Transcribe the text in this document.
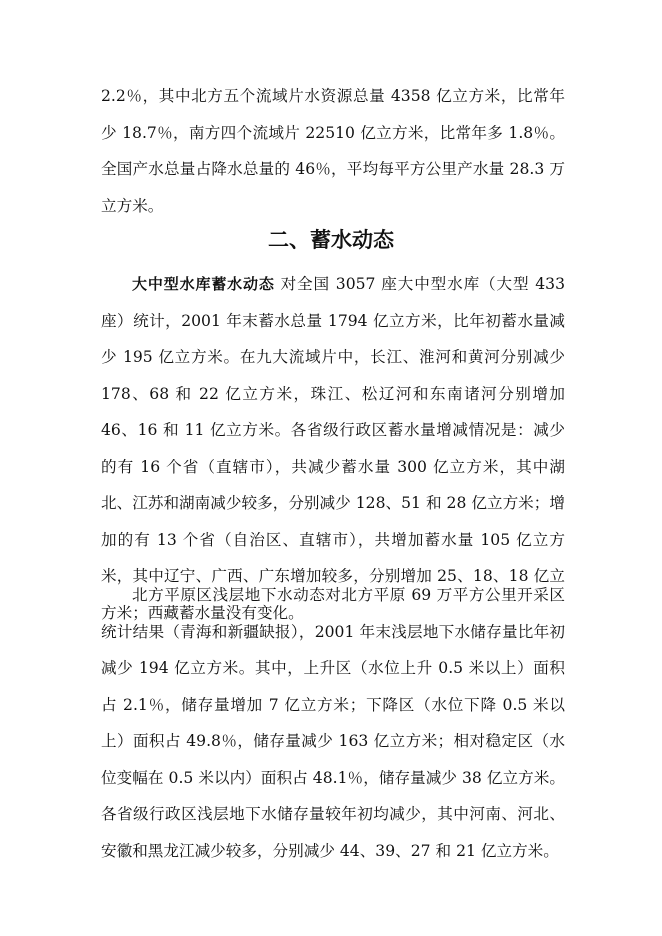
2.2％，其中北方五个流域片水资源总量 4358 亿立方米，比常年少 18.7％，南方四个流域片 22510 亿立方米，比常年多 1.8％。全国产水总量占降水总量的 46％，平均每平方公里产水量 28.3 万立方米。

二、蓄水动态

大中型水库蓄水动态 对全国 3057 座大中型水库（大型 433 座）统计，2001 年末蓄水总量 1794 亿立方米，比年初蓄水量减少 195 亿立方米。在九大流域片中，长江、淮河和黄河分别减少 178、68 和 22 亿立方米，珠江、松辽河和东南诸河分别增加 46、16 和 11 亿立方米。各省级行政区蓄水量增减情况是：减少的有 16 个省（直辖市），共减少蓄水量 300 亿立方米，其中湖北、江苏和湖南减少较多，分别减少 128、51 和 28 亿立方米；增加的有 13 个省（自治区、直辖市），共增加蓄水量 105 亿立方米，其中辽宁、广西、广东增加较多，分别增加 25、18、18 亿立方米；西藏蓄水量没有变化。

北方平原区浅层地下水动态对北方平原 69 万平方公里开采区统计结果（青海和新疆缺报），2001 年末浅层地下水储存量比年初减少 194 亿立方米。其中，上升区（水位上升 0.5 米以上）面积占 2.1％，储存量增加 7 亿立方米；下降区（水位下降 0.5 米以上）面积占 49.8％，储存量减少 163 亿立方米；相对稳定区（水位变幅在 0.5 米以内）面积占 48.1％，储存量减少 38 亿立方米。各省级行政区浅层地下水储存量较年初均减少，其中河南、河北、安徽和黑龙江减少较多，分别减少 44、39、27 和 21 亿立方米。
